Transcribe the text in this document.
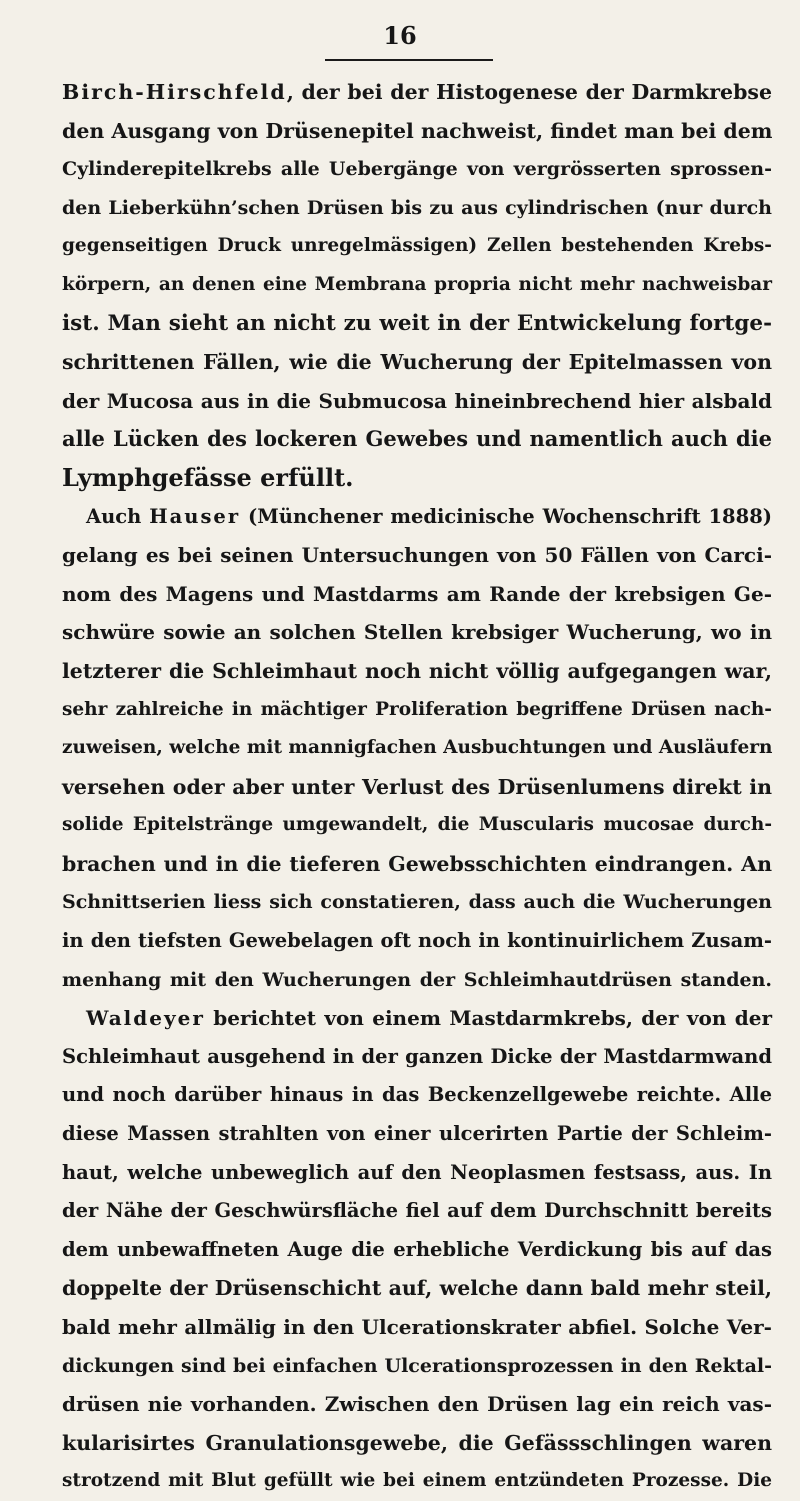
16
Birch-Hirschfeld, der bei der Histogenese der Darmkrebse
den Ausgang von Drüsenepitel nachweist, findet man bei dem
Cylinderepitelkrebs alle Uebergänge von vergrösserten sprossen-
den Lieberkühn’schen Drüsen bis zu aus cylindrischen (nur durch
gegenseitigen Druck unregelmässigen) Zellen bestehenden Krebs-
körpern, an denen eine Membrana propria nicht mehr nachweisbar
ist. Man sieht an nicht zu weit in der Entwickelung fortge-
schrittenen Fällen, wie die Wucherung der Epitelmassen von
der Mucosa aus in die Submucosa hineinbrechend hier alsbald
alle Lücken des lockeren Gewebes und namentlich auch die
Lymphgefässe erfüllt.
Auch Hauser (Münchener medicinische Wochenschrift 1888)
gelang es bei seinen Untersuchungen von 50 Fällen von Carci-
nom des Magens und Mastdarms am Rande der krebsigen Ge-
schwüre sowie an solchen Stellen krebsiger Wucherung, wo in
letzterer die Schleimhaut noch nicht völlig aufgegangen war,
sehr zahlreiche in mächtiger Proliferation begriffene Drüsen nach-
zuweisen, welche mit mannigfachen Ausbuchtungen und Ausläufern
versehen oder aber unter Verlust des Drüsenlumens direkt in
solide Epitelstränge umgewandelt, die Muscularis mucosae durch-
brachen und in die tieferen Gewebsschichten eindrangen. An
Schnittserien liess sich constatieren, dass auch die Wucherungen
in den tiefsten Gewebelagen oft noch in kontinuirlichem Zusam-
menhang mit den Wucherungen der Schleimhautdrüsen standen.
Waldeyer berichtet von einem Mastdarmkrebs, der von der
Schleimhaut ausgehend in der ganzen Dicke der Mastdarmwand
und noch darüber hinaus in das Beckenzellgewebe reichte. Alle
diese Massen strahlten von einer ulcerirten Partie der Schleim-
haut, welche unbeweglich auf den Neoplasmen festsass, aus. In
der Nähe der Geschwürsfläche fiel auf dem Durchschnitt bereits
dem unbewaffneten Auge die erhebliche Verdickung bis auf das
doppelte der Drüsenschicht auf, welche dann bald mehr steil,
bald mehr allmälig in den Ulcerationskrater abfiel. Solche Ver-
dickungen sind bei einfachen Ulcerationsprozessen in den Rektal-
drüsen nie vorhanden. Zwischen den Drüsen lag ein reich vas-
kularisirtes Granulationsgewebe, die Gefässschlingen waren
strotzend mit Blut gefüllt wie bei einem entzündeten Prozesse. Die
